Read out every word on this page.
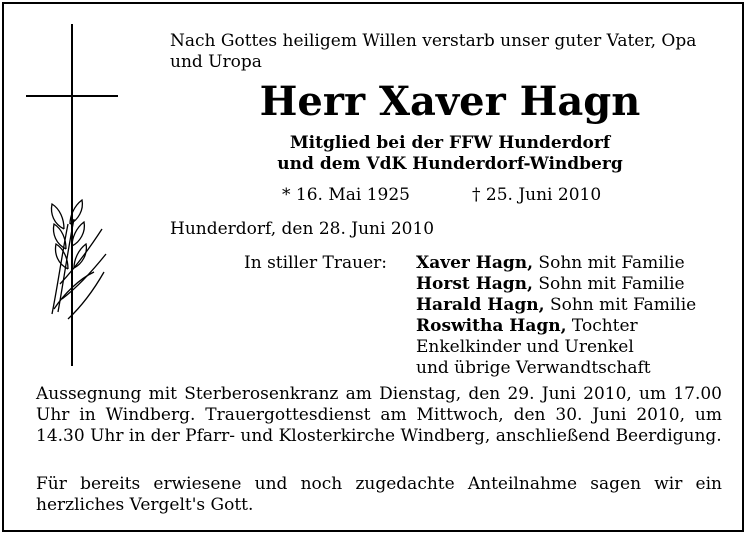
Nach Gottes heiligem Willen verstarb unser guter Vater, Opa und Uropa
Herr Xaver Hagn
Mitglied bei der FFW Hunderdorf
und dem VdK Hunderdorf-Windberg
* 16. Mai 1925	† 25. Juni 2010
Hunderdorf, den 28. Juni 2010
In stiller Trauer: Xaver Hagn, Sohn mit Familie
Horst Hagn, Sohn mit Familie
Harald Hagn, Sohn mit Familie
Roswitha Hagn, Tochter
Enkelkinder und Urenkel
und übrige Verwandtschaft
Aussegnung mit Sterberosenkranz am Dienstag, den 29. Juni 2010, um 17.00 Uhr in Windberg. Trauergottesdienst am Mittwoch, den 30. Juni 2010, um 14.30 Uhr in der Pfarr- und Klosterkirche Windberg, anschließend Beerdigung.
Für bereits erwiesene und noch zugedachte Anteilnahme sagen wir ein herzliches Vergelt's Gott.
